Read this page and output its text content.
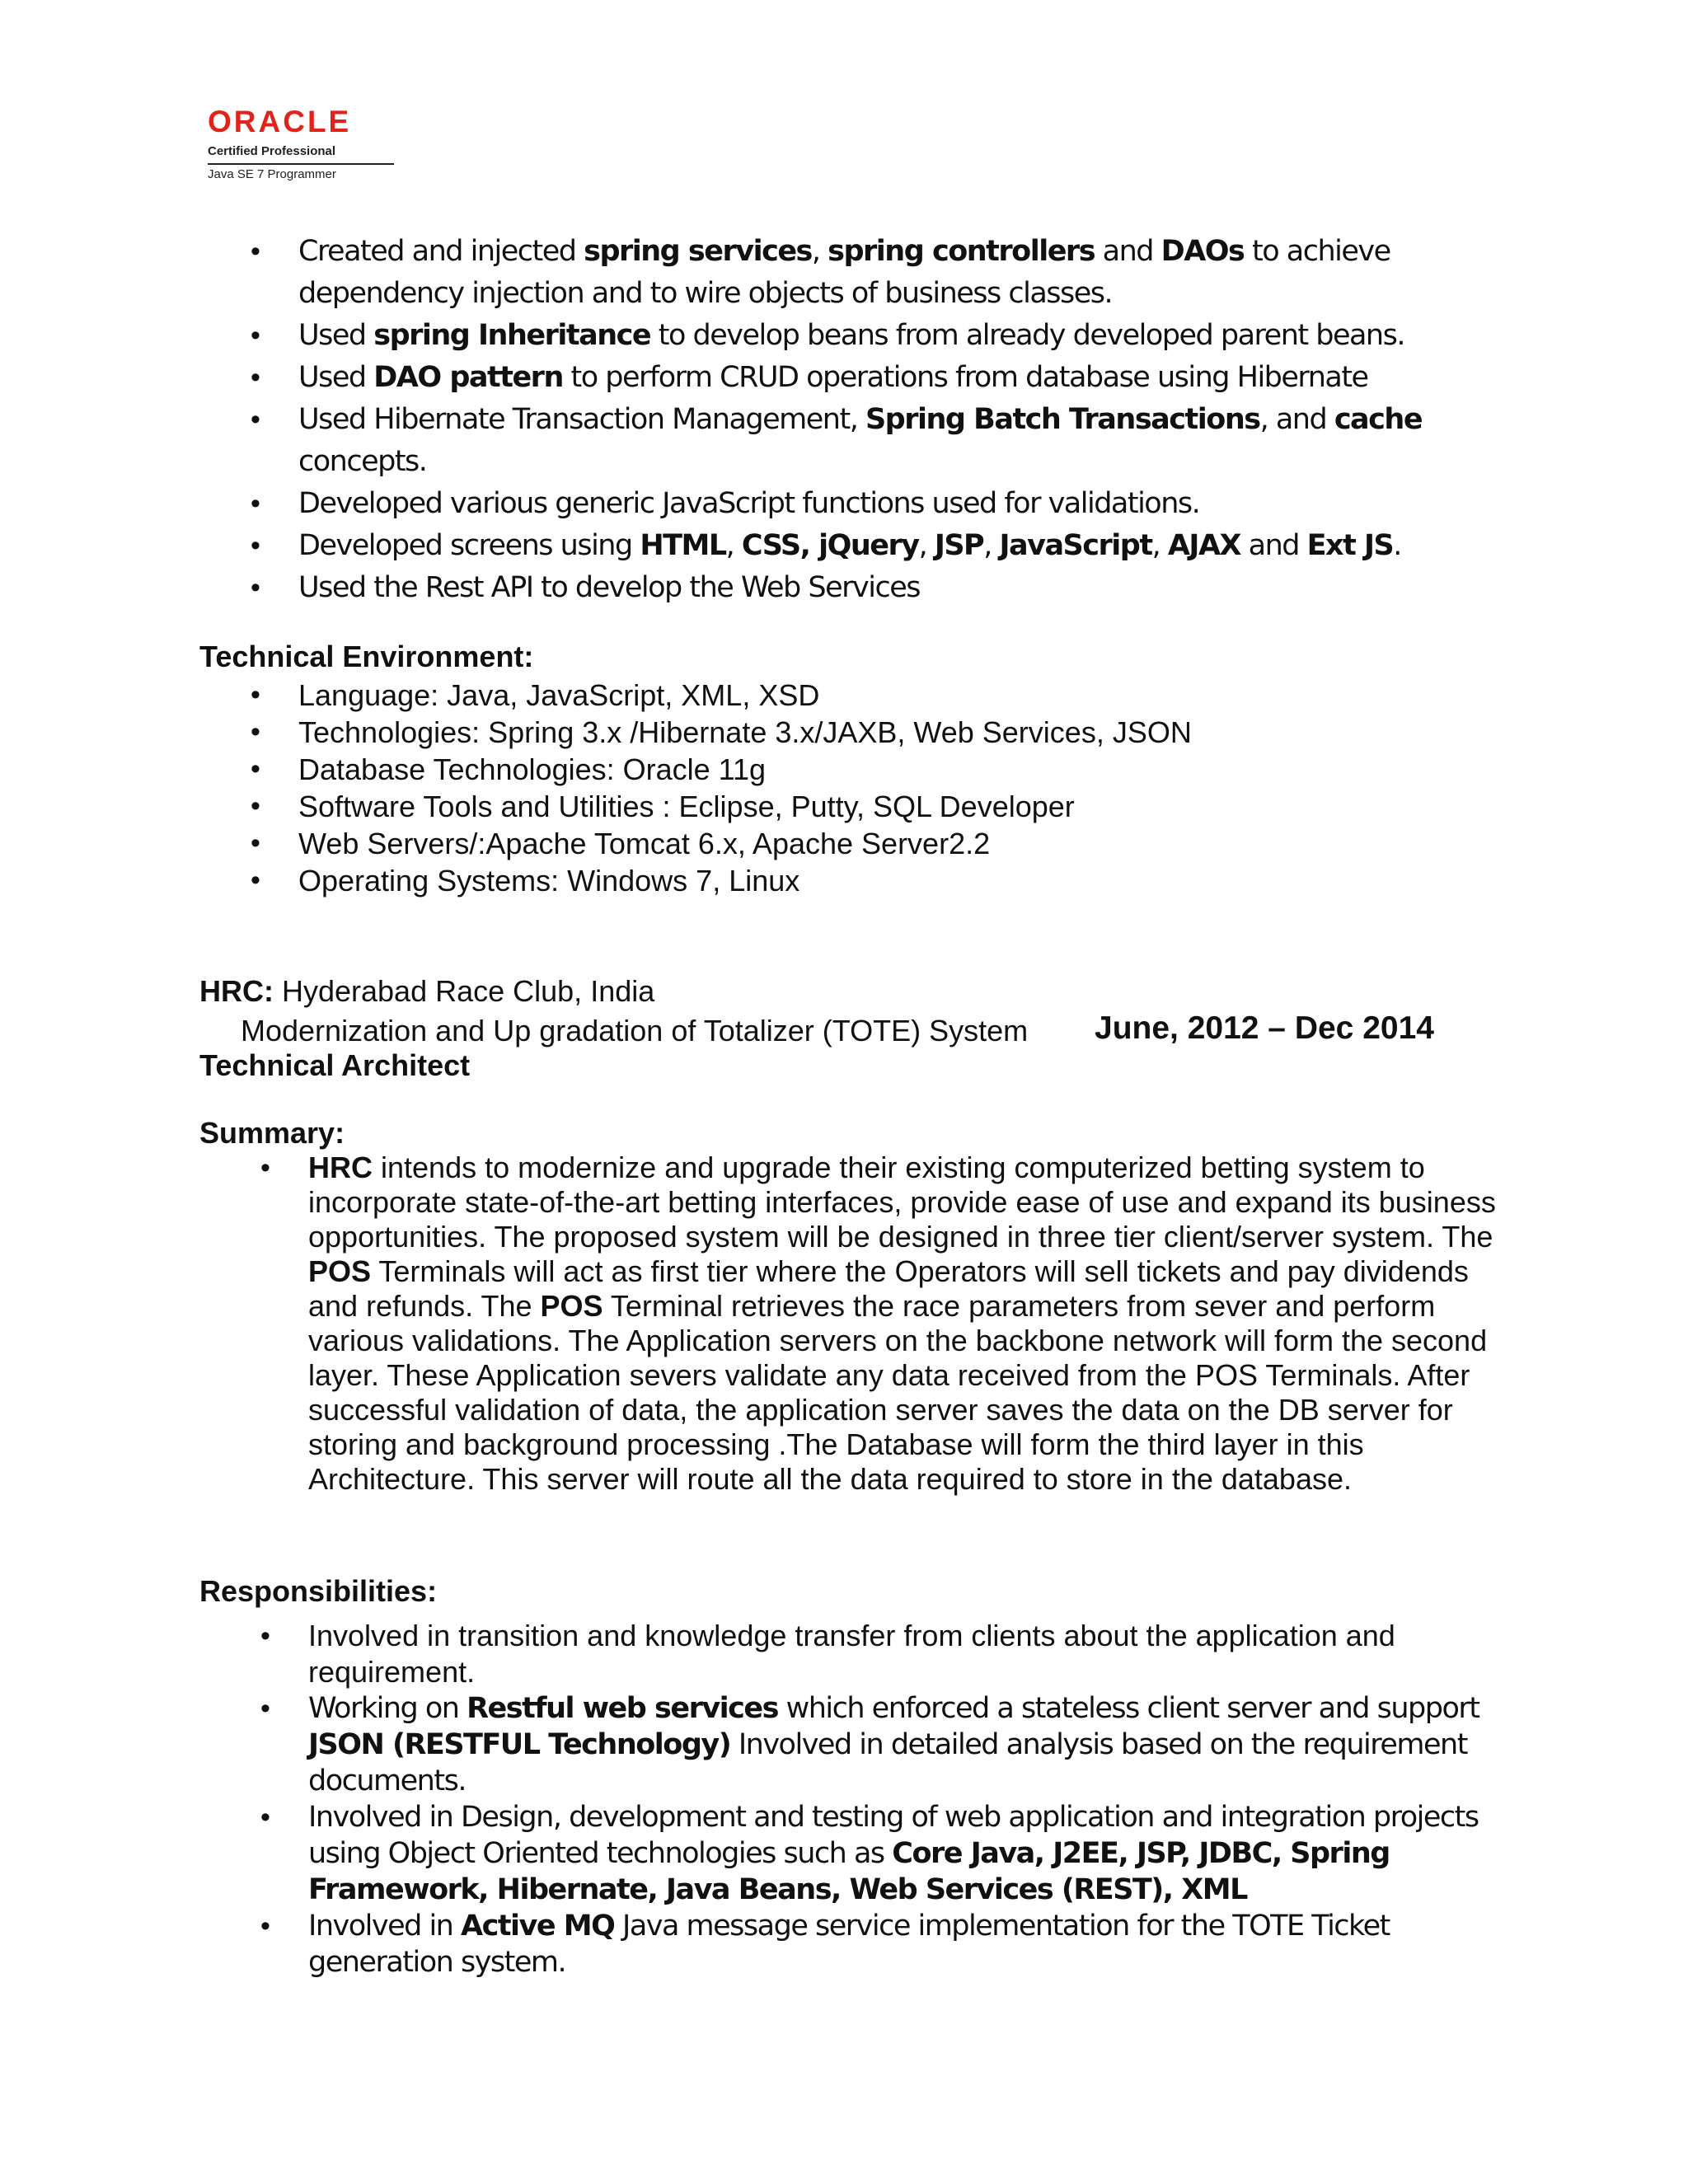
ORACLE
Certified Professional
Java SE 7 Programmer
• Created and injected spring services, spring controllers and DAOs to achieve dependency injection and to wire objects of business classes.
• Used spring Inheritance to develop beans from already developed parent beans.
• Used DAO pattern to perform CRUD operations from database using Hibernate
• Used Hibernate Transaction Management, Spring Batch Transactions, and cache concepts.
• Developed various generic JavaScript functions used for validations.
• Developed screens using HTML, CSS, jQuery, JSP, JavaScript, AJAX and Ext JS.
• Used the Rest API to develop the Web Services
Technical Environment:
• Language: Java, JavaScript, XML, XSD
• Technologies: Spring 3.x /Hibernate 3.x/JAXB, Web Services, JSON
• Database Technologies: Oracle 11g
• Software Tools and Utilities : Eclipse, Putty, SQL Developer
• Web Servers/:Apache Tomcat 6.x, Apache Server2.2
• Operating Systems: Windows 7, Linux
HRC: Hyderabad Race Club, India
Modernization and Up gradation of Totalizer (TOTE) System June, 2012 – Dec 2014
Technical Architect
Summary:
• HRC intends to modernize and upgrade their existing computerized betting system to incorporate state-of-the-art betting interfaces, provide ease of use and expand its business opportunities. The proposed system will be designed in three tier client/server system. The POS Terminals will act as first tier where the Operators will sell tickets and pay dividends and refunds. The POS Terminal retrieves the race parameters from sever and perform various validations. The Application servers on the backbone network will form the second layer. These Application severs validate any data received from the POS Terminals. After successful validation of data, the application server saves the data on the DB server for storing and background processing .The Database will form the third layer in this Architecture. This server will route all the data required to store in the database.
Responsibilities:
• Involved in transition and knowledge transfer from clients about the application and requirement.
• Working on Restful web services which enforced a stateless client server and support JSON (RESTFUL Technology) Involved in detailed analysis based on the requirement documents.
• Involved in Design, development and testing of web application and integration projects using Object Oriented technologies such as Core Java, J2EE, JSP, JDBC, Spring Framework, Hibernate, Java Beans, Web Services (REST), XML
• Involved in Active MQ Java message service implementation for the TOTE Ticket generation system.
